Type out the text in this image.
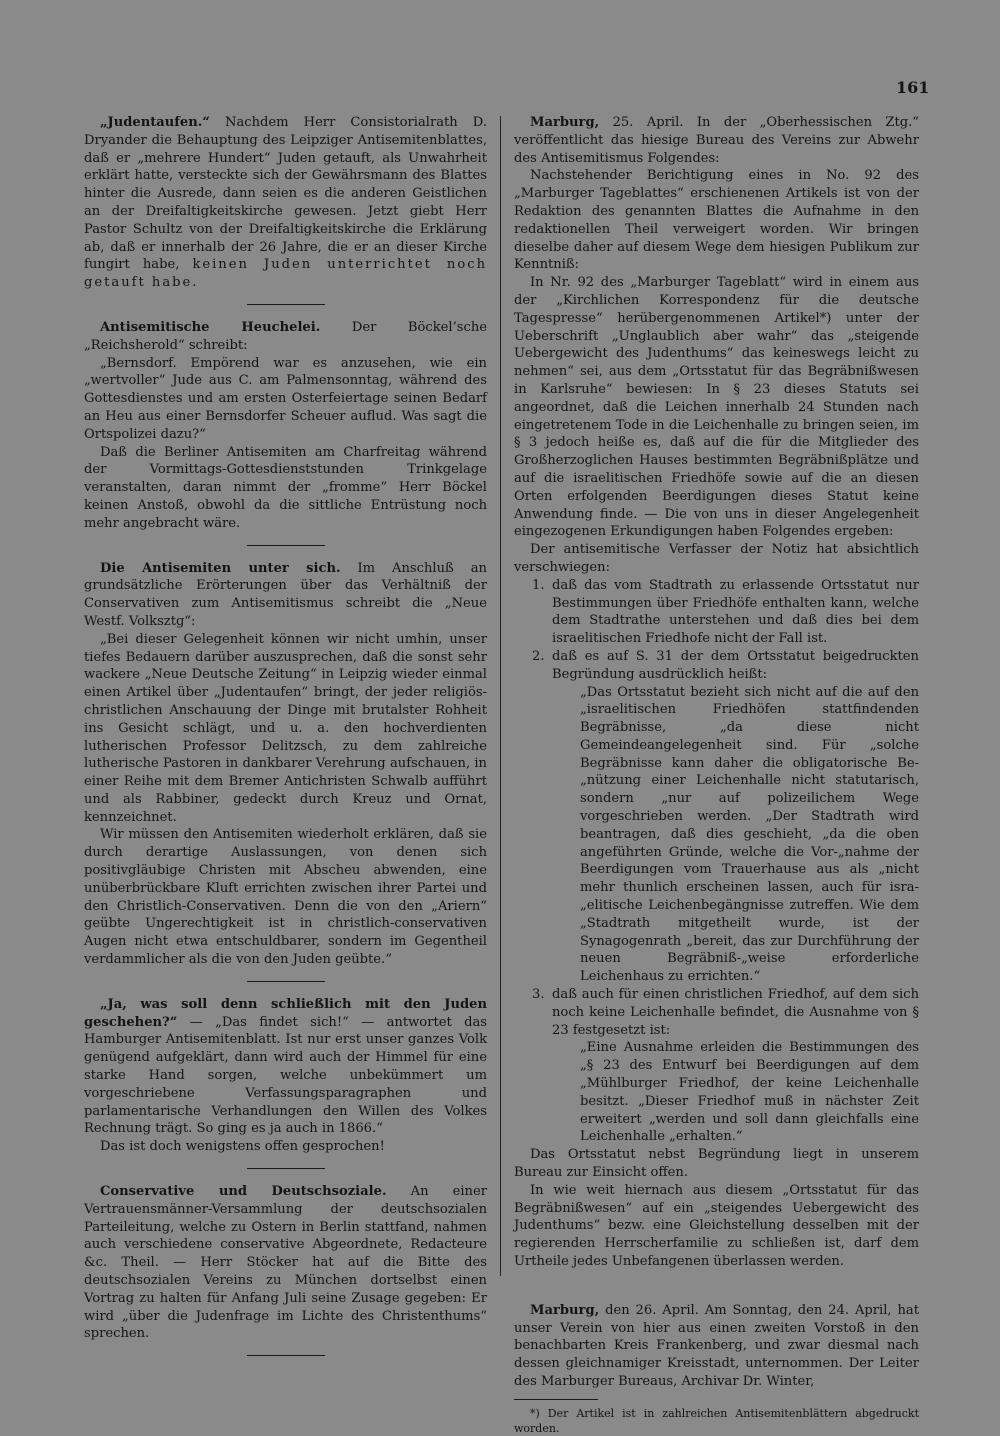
161

„Judentaufen.“ Nachdem Herr Consistorialrath D. Dryander die Behauptung des Leipziger Antisemitenblattes, daß er „mehrere Hundert“ Juden getauft, als Unwahrheit erklärt hatte, versteckte sich der Gewährsmann des Blattes hinter die Ausrede, dann seien es die anderen Geistlichen an der Dreifaltigkeitskirche gewesen. Jetzt giebt Herr Pastor Schultz von der Dreifaltigkeitskirche die Erklärung ab, daß er innerhalb der 26 Jahre, die er an dieser Kirche fungirt habe, keinen Juden unterrichtet noch getauft habe.

Antisemitische Heuchelei. Der Böckel’sche „Reichsherold“ schreibt:

„Bernsdorf. Empörend war es anzusehen, wie ein „wertvoller“ Jude aus C. am Palmensonntag, während des Gottesdienstes und am ersten Osterfeiertage seinen Bedarf an Heu aus einer Bernsdorfer Scheuer auflud. Was sagt die Ortspolizei dazu?“

Daß die Berliner Antisemiten am Charfreitag während der Vormittags-Gottesdienststunden Trinkgelage veranstalten, daran nimmt der „fromme“ Herr Böckel keinen Anstoß, obwohl da die sittliche Entrüstung noch mehr angebracht wäre.

Die Antisemiten unter sich. Im Anschluß an grundsätzliche Erörterungen über das Verhältniß der Conservativen zum Antisemitismus schreibt die „Neue Westf. Volksztg“:

„Bei dieser Gelegenheit können wir nicht umhin, unser tiefes Bedauern darüber auszusprechen, daß die sonst sehr wackere „Neue Deutsche Zeitung“ in Leipzig wieder einmal einen Artikel über „Judentaufen“ bringt, der jeder religiös-christlichen Anschauung der Dinge mit brutalster Rohheit ins Gesicht schlägt, und u. a. den hochverdienten lutherischen Professor Delitzsch, zu dem zahlreiche lutherische Pastoren in dankbarer Verehrung aufschauen, in einer Reihe mit dem Bremer Antichristen Schwalb aufführt und als Rabbiner, gedeckt durch Kreuz und Ornat, kennzeichnet.

Wir müssen den Antisemiten wiederholt erklären, daß sie durch derartige Auslassungen, von denen sich positivgläubige Christen mit Abscheu abwenden, eine unüberbrückbare Kluft errichten zwischen ihrer Partei und den Christlich-Conservativen. Denn die von den „Ariern“ geübte Ungerechtigkeit ist in christlich-conservativen Augen nicht etwa entschuldbarer, sondern im Gegentheil verdammlicher als die von den Juden geübte.“

„Ja, was soll denn schließlich mit den Juden geschehen?“ — „Das findet sich!“ — antwortet das Hamburger Antisemitenblatt. Ist nur erst unser ganzes Volk genügend aufgeklärt, dann wird auch der Himmel für eine starke Hand sorgen, welche unbekümmert um vorgeschriebene Verfassungsparagraphen und parlamentarische Verhandlungen den Willen des Volkes Rechnung trägt. So ging es ja auch in 1866.“

Das ist doch wenigstens offen gesprochen!

Conservative und Deutschsoziale. An einer Vertrauensmänner-Versammlung der deutschsozialen Parteileitung, welche zu Ostern in Berlin stattfand, nahmen auch verschiedene conservative Abgeordnete, Redacteure &c. Theil. — Herr Stöcker hat auf die Bitte des deutschsozialen Vereins zu München dortselbst einen Vortrag zu halten für Anfang Juli seine Zusage gegeben: Er wird „über die Judenfrage im Lichte des Christenthums“ sprechen.

Marburg, 25. April. In der „Oberhessischen Ztg.“ veröffentlicht das hiesige Bureau des Vereins zur Abwehr des Antisemitismus Folgendes:

Nachstehender Berichtigung eines in No. 92 des „Marburger Tageblattes“ erschienenen Artikels ist von der Redaktion des genannten Blattes die Aufnahme in den redaktionellen Theil verweigert worden. Wir bringen dieselbe daher auf diesem Wege dem hiesigen Publikum zur Kenntniß:

In Nr. 92 des „Marburger Tageblatt“ wird in einem aus der „Kirchlichen Korrespondenz für die deutsche Tagespresse“ herübergenommenen Artikel*) unter der Ueberschrift „Unglaublich aber wahr“ das „steigende Uebergewicht des Judenthums“ das keineswegs leicht zu nehmen“ sei, aus dem „Ortsstatut für das Begräbnißwesen in Karlsruhe“ bewiesen: In § 23 dieses Statuts sei angeordnet, daß die Leichen innerhalb 24 Stunden nach eingetretenem Tode in die Leichenhalle zu bringen seien, im § 3 jedoch heiße es, daß auf die für die Mitglieder des Großherzoglichen Hauses bestimmten Begräbnißplätze und auf die israelitischen Friedhöfe sowie auf die an diesen Orten erfolgenden Beerdigungen dieses Statut keine Anwendung finde. — Die von uns in dieser Angelegenheit eingezogenen Erkundigungen haben Folgendes ergeben:

Der antisemitische Verfasser der Notiz hat absichtlich verschwiegen:

1. daß das vom Stadtrath zu erlassende Ortsstatut nur Bestimmungen über Friedhöfe enthalten kann, welche dem Stadtrathe unterstehen und daß dies bei dem israelitischen Friedhofe nicht der Fall ist.
2. daß es auf S. 31 der dem Ortsstatut beigedruckten Begründung ausdrücklich heißt:

„Das Ortsstatut bezieht sich nicht auf die auf den „israelitischen Friedhöfen stattfindenden Begräbnisse, „da diese nicht Gemeindeangelegenheit sind. Für „solche Begräbnisse kann daher die obligatorische Be-„nützung einer Leichenhalle nicht statutarisch, sondern „nur auf polizeilichem Wege vorgeschrieben werden. „Der Stadtrath wird beantragen, daß dies geschieht, „da die oben angeführten Gründe, welche die Vor-„nahme der Beerdigungen vom Trauerhause aus als „nicht mehr thunlich erscheinen lassen, auch für isra-„elitische Leichenbegängnisse zutreffen. Wie dem „Stadtrath mitgetheilt wurde, ist der Synagogenrath „bereit, das zur Durchführung der neuen Begräbniß-„weise erforderliche Leichenhaus zu errichten.“

3. daß auch für einen christlichen Friedhof, auf dem sich noch keine Leichenhalle befindet, die Ausnahme von § 23 festgesetzt ist:

„Eine Ausnahme erleiden die Bestimmungen des „§ 23 des Entwurf bei Beerdigungen auf dem „Mühlburger Friedhof, der keine Leichenhalle besitzt. „Dieser Friedhof muß in nächster Zeit erweitert „werden und soll dann gleichfalls eine Leichenhalle „erhalten.“

Das Ortsstatut nebst Begründung liegt in unserem Bureau zur Einsicht offen.

In wie weit hiernach aus diesem „Ortsstatut für das Begräbnißwesen“ auf ein „steigendes Uebergewicht des Judenthums“ bezw. eine Gleichstellung desselben mit der regierenden Herrscherfamilie zu schließen ist, darf dem Urtheile jedes Unbefangenen überlassen werden.

Marburg, den 26. April. Am Sonntag, den 24. April, hat unser Verein von hier aus einen zweiten Vorstoß in den benachbarten Kreis Frankenberg, und zwar diesmal nach dessen gleichnamiger Kreisstadt, unternommen. Der Leiter des Marburger Bureaus, Archivar Dr. Winter,

*) Der Artikel ist in zahlreichen Antisemitenblättern abgedruckt worden.
